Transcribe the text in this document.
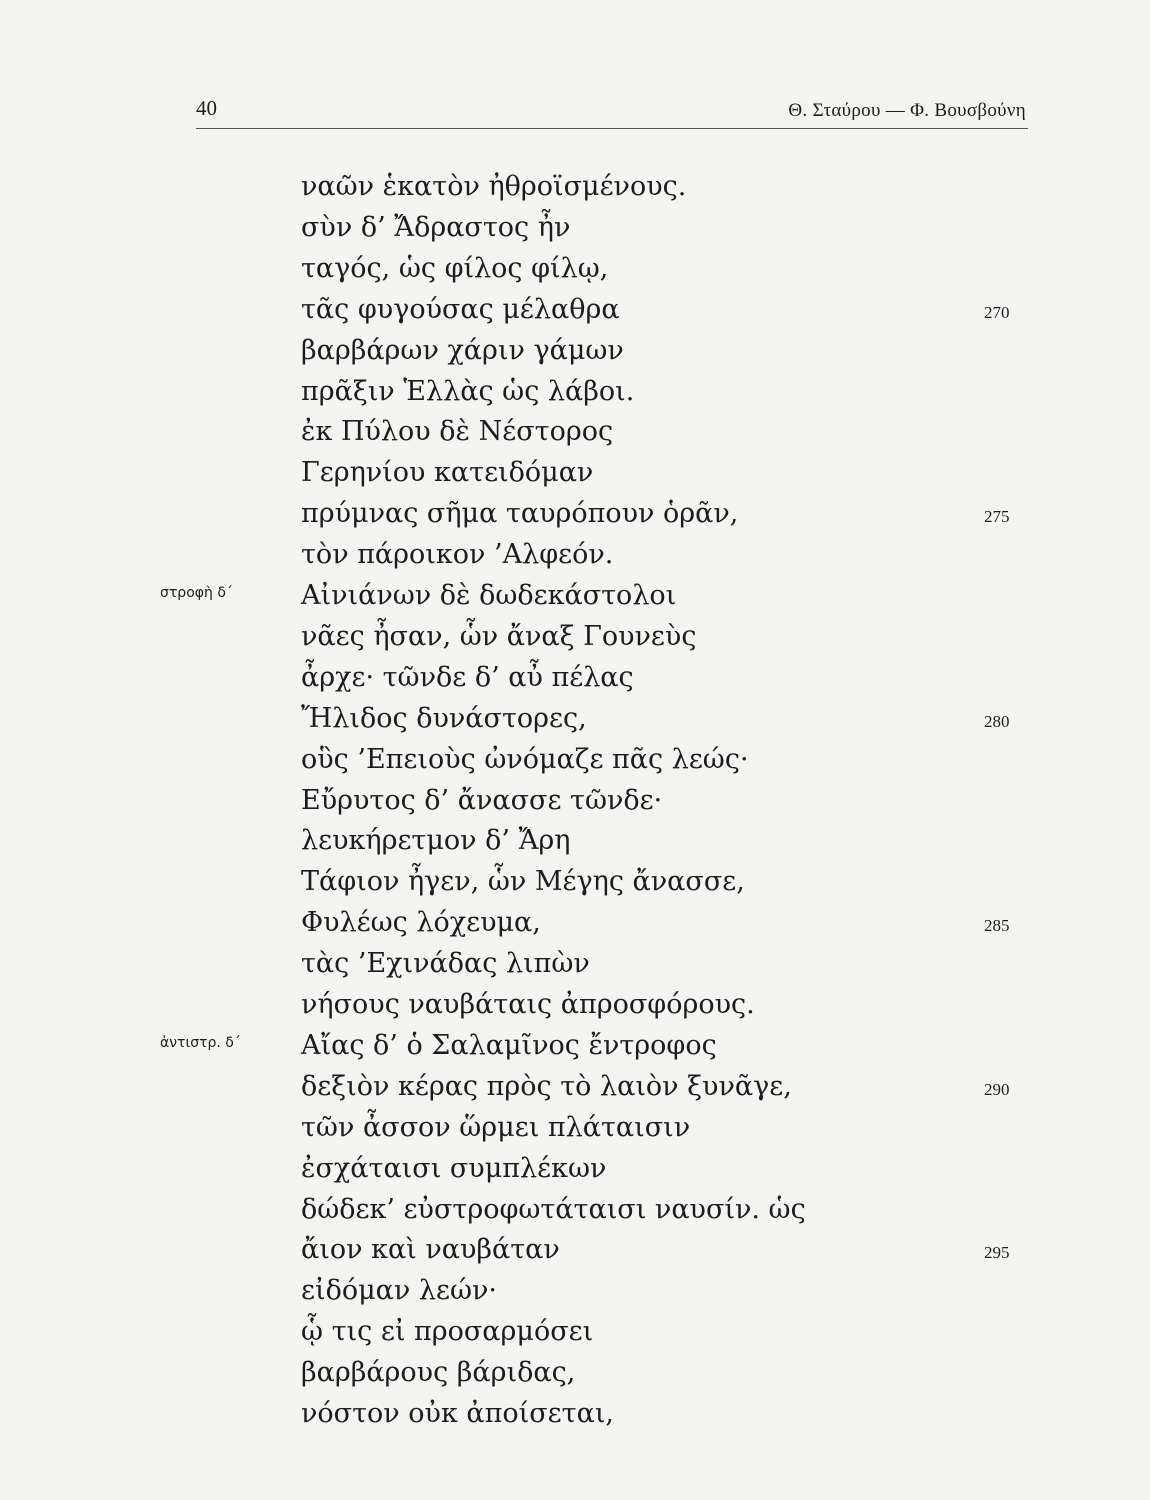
40	Θ. Σταύρου — Φ. Βουσβούνη
ναῶν ἑκατὸν ἠθροϊσμένους.
σὺν δ’ Ἄδραστος ἦν
ταγός, ὡς φίλος φίλῳ,
τᾶς φυγούσας μέλαθρα	270
βαρβάρων χάριν γάμων
πρᾶξιν Ἑλλὰς ὡς λάβοι.
ἐκ Πύλου δὲ Νέστορος
Γερηνίου κατειδόμαν
πρύμνας σῆμα ταυρόπουν ὁρᾶν,	275
τὸν πάροικον ’Αλφεόν.
στροφὴ δ΄	Αἰνιάνων δὲ δωδεκάστολοι
νᾶες ἦσαν, ὧν ἄναξ Γουνεὺς
ἆρχε· τῶνδε δ’ αὖ πέλας
Ἤλιδος δυνάστορες,	280
οὓς ’Επειοὺς ὠνόμαζε πᾶς λεώς·
Εὔρυτος δ’ ἄνασσε τῶνδε·
λευκήρετμον δ’ Ἄρη
Τάφιον ἦγεν, ὧν Μέγης ἄνασσε,
Φυλέως λόχευμα,	285
τὰς ’Εχινάδας λιπὼν
νήσους ναυβάταις ἀπροσφόρους.
ἀντιστρ. δ΄ Αἴας δ’ ὁ Σαλαμῖνος ἔντροφος
δεξιὸν κέρας πρὸς τὸ λαιὸν ξυνᾶγε,	290
τῶν ἆσσον ὥρμει πλάταισιν
ἐσχάταισι συμπλέκων
δώδεκ’ εὐστροφωτάταισι ναυσίν. ὡς
ἄιον καὶ ναυβάταν	295
εἰδόμαν λεών·
ᾧ τις εἰ προσαρμόσει
βαρβάρους βάριδας,
νόστον οὐκ ἀποίσεται,
